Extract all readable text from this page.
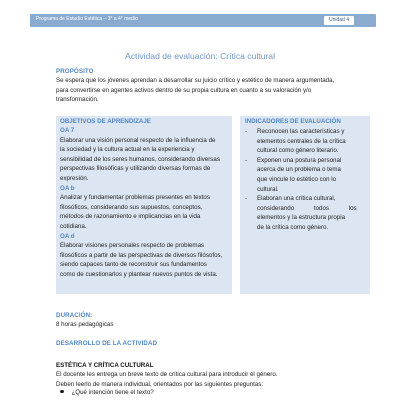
Programa de Estudio Estética – 3° a 4° medio	Unidad 4
Actividad de evaluación: Crítica cultural
PROPÓSITO
Se espera que los jóvenes aprendan a desarrollar su juicio crítico y estético de manera argumentada,
para convertirse en agentes activos dentro de su propia cultura en cuanto a su valoración y/o
transformación.
OBJETIVOS DE APRENDIZAJE
OA 7
Elaborar una visión personal respecto de la influencia de
la sociedad y la cultura actual en la experiencia y
sensibilidad de los seres humanos, considerando diversas
perspectivas filosóficas y utilizando diversas formas de
expresión.
OA b
Analizar y fundamentar problemas presentes en textos
filosóficos, considerando sus supuestos, conceptos,
métodos de razonamiento e implicancias en la vida
cotidiana.
OA d
Elaborar visiones personales respecto de problemas
filosóficos a partir de las perspectivas de diversos filósofos,
siendo capaces tanto de reconstruir sus fundamentos
como de cuestionarlos y plantear nuevos puntos de vista.
INDICADORES DE EVALUACIÓN
- Reconocen las características y
elementos centrales de la crítica
cultural como género literario.
- Exponen una postura personal
acerca de un problema o tema
que vincule lo estético con lo
cultural.
- Elaboran una crítica cultural,
considerando todos los
elementos y la estructura propia
de la crítica como género.
DURACIÓN:
8 horas pedagógicas
DESARROLLO DE LA ACTIVIDAD
ESTÉTICA Y CRÍTICA CULTURAL
El docente les entrega un breve texto de crítica cultural para introducir el género.
Deben leerlo de manera individual, orientados por las siguientes preguntas:
¿Qué intención tiene el texto?
